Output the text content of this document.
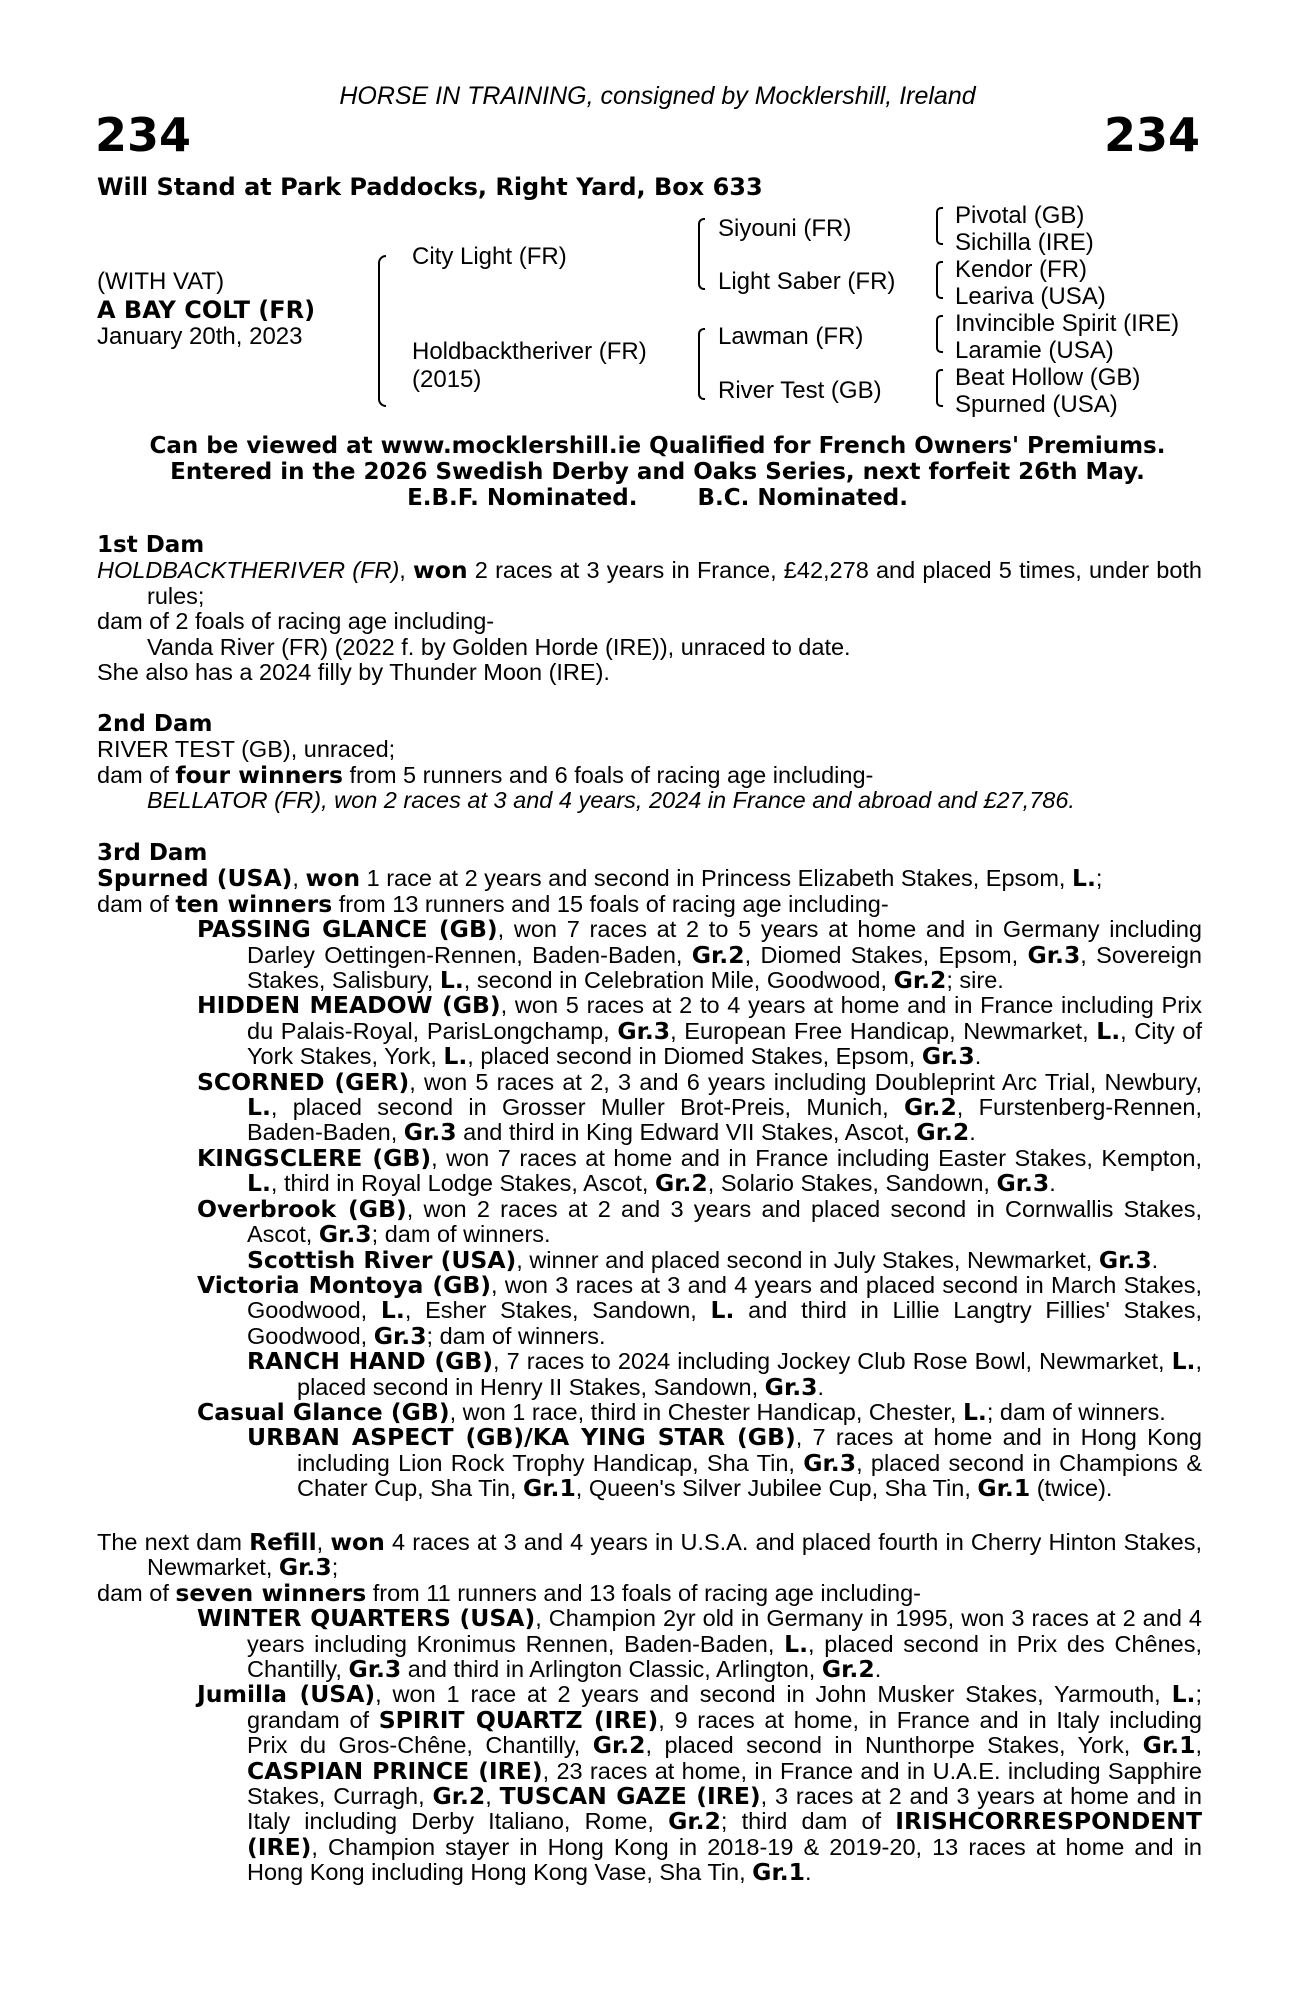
HORSE IN TRAINING, consigned by Mocklershill, Ireland
234	234
Will Stand at Park Paddocks, Right Yard, Box 633
(WITH VAT)
A BAY COLT (FR)
January 20th, 2023
City Light (FR)
Holdbacktheriver (FR)
(2015)
Siyouni (FR)
Light Saber (FR)
Lawman (FR)
River Test (GB)
Pivotal (GB)
Sichilla (IRE)
Kendor (FR)
Leariva (USA)
Invincible Spirit (IRE)
Laramie (USA)
Beat Hollow (GB)
Spurned (USA)
Can be viewed at www.mocklershill.ie Qualified for French Owners' Premiums.
Entered in the 2026 Swedish Derby and Oaks Series, next forfeit 26th May.
E.B.F. Nominated.	B.C. Nominated.

1st Dam

HOLDBACKTHERIVER (FR), won 2 races at 3 years in France, £42,278 and placed 5 times, under both rules;

dam of 2 foals of racing age including-

Vanda River (FR) (2022 f. by Golden Horde (IRE)), unraced to date.

She also has a 2024 filly by Thunder Moon (IRE).

2nd Dam

RIVER TEST (GB), unraced;

dam of four winners from 5 runners and 6 foals of racing age including-

BELLATOR (FR), won 2 races at 3 and 4 years, 2024 in France and abroad and £27,786.

3rd Dam

Spurned (USA), won 1 race at 2 years and second in Princess Elizabeth Stakes, Epsom, L.;

dam of ten winners from 13 runners and 15 foals of racing age including-

PASSING GLANCE (GB), won 7 races at 2 to 5 years at home and in Germany including Darley Oettingen-Rennen, Baden-Baden, Gr.2, Diomed Stakes, Epsom, Gr.3, Sovereign Stakes, Salisbury, L., second in Celebration Mile, Goodwood, Gr.2; sire.

HIDDEN MEADOW (GB), won 5 races at 2 to 4 years at home and in France including Prix du Palais-Royal, ParisLongchamp, Gr.3, European Free Handicap, Newmarket, L., City of York Stakes, York, L., placed second in Diomed Stakes, Epsom, Gr.3.

SCORNED (GER), won 5 races at 2, 3 and 6 years including Doubleprint Arc Trial, Newbury, L., placed second in Grosser Muller Brot-Preis, Munich, Gr.2, Furstenberg-Rennen, Baden-Baden, Gr.3 and third in King Edward VII Stakes, Ascot, Gr.2.

KINGSCLERE (GB), won 7 races at home and in France including Easter Stakes, Kempton, L., third in Royal Lodge Stakes, Ascot, Gr.2, Solario Stakes, Sandown, Gr.3.

Overbrook (GB), won 2 races at 2 and 3 years and placed second in Cornwallis Stakes, Ascot, Gr.3; dam of winners.

Scottish River (USA), winner and placed second in July Stakes, Newmarket, Gr.3.

Victoria Montoya (GB), won 3 races at 3 and 4 years and placed second in March Stakes, Goodwood, L., Esher Stakes, Sandown, L. and third in Lillie Langtry Fillies' Stakes, Goodwood, Gr.3; dam of winners.

RANCH HAND (GB), 7 races to 2024 including Jockey Club Rose Bowl, Newmarket, L., placed second in Henry II Stakes, Sandown, Gr.3.

Casual Glance (GB), won 1 race, third in Chester Handicap, Chester, L.; dam of winners.

URBAN ASPECT (GB)/KA YING STAR (GB), 7 races at home and in Hong Kong including Lion Rock Trophy Handicap, Sha Tin, Gr.3, placed second in Champions & Chater Cup, Sha Tin, Gr.1, Queen's Silver Jubilee Cup, Sha Tin, Gr.1 (twice).

The next dam Refill, won 4 races at 3 and 4 years in U.S.A. and placed fourth in Cherry Hinton Stakes, Newmarket, Gr.3;

dam of seven winners from 11 runners and 13 foals of racing age including-

WINTER QUARTERS (USA), Champion 2yr old in Germany in 1995, won 3 races at 2 and 4 years including Kronimus Rennen, Baden-Baden, L., placed second in Prix des Chênes, Chantilly, Gr.3 and third in Arlington Classic, Arlington, Gr.2.

Jumilla (USA), won 1 race at 2 years and second in John Musker Stakes, Yarmouth, L.; grandam of SPIRIT QUARTZ (IRE), 9 races at home, in France and in Italy including Prix du Gros-Chêne, Chantilly, Gr.2, placed second in Nunthorpe Stakes, York, Gr.1, CASPIAN PRINCE (IRE), 23 races at home, in France and in U.A.E. including Sapphire Stakes, Curragh, Gr.2, TUSCAN GAZE (IRE), 3 races at 2 and 3 years at home and in Italy including Derby Italiano, Rome, Gr.2; third dam of IRISHCORRESPONDENT (IRE), Champion stayer in Hong Kong in 2018-19 & 2019-20, 13 races at home and in Hong Kong including Hong Kong Vase, Sha Tin, Gr.1.
